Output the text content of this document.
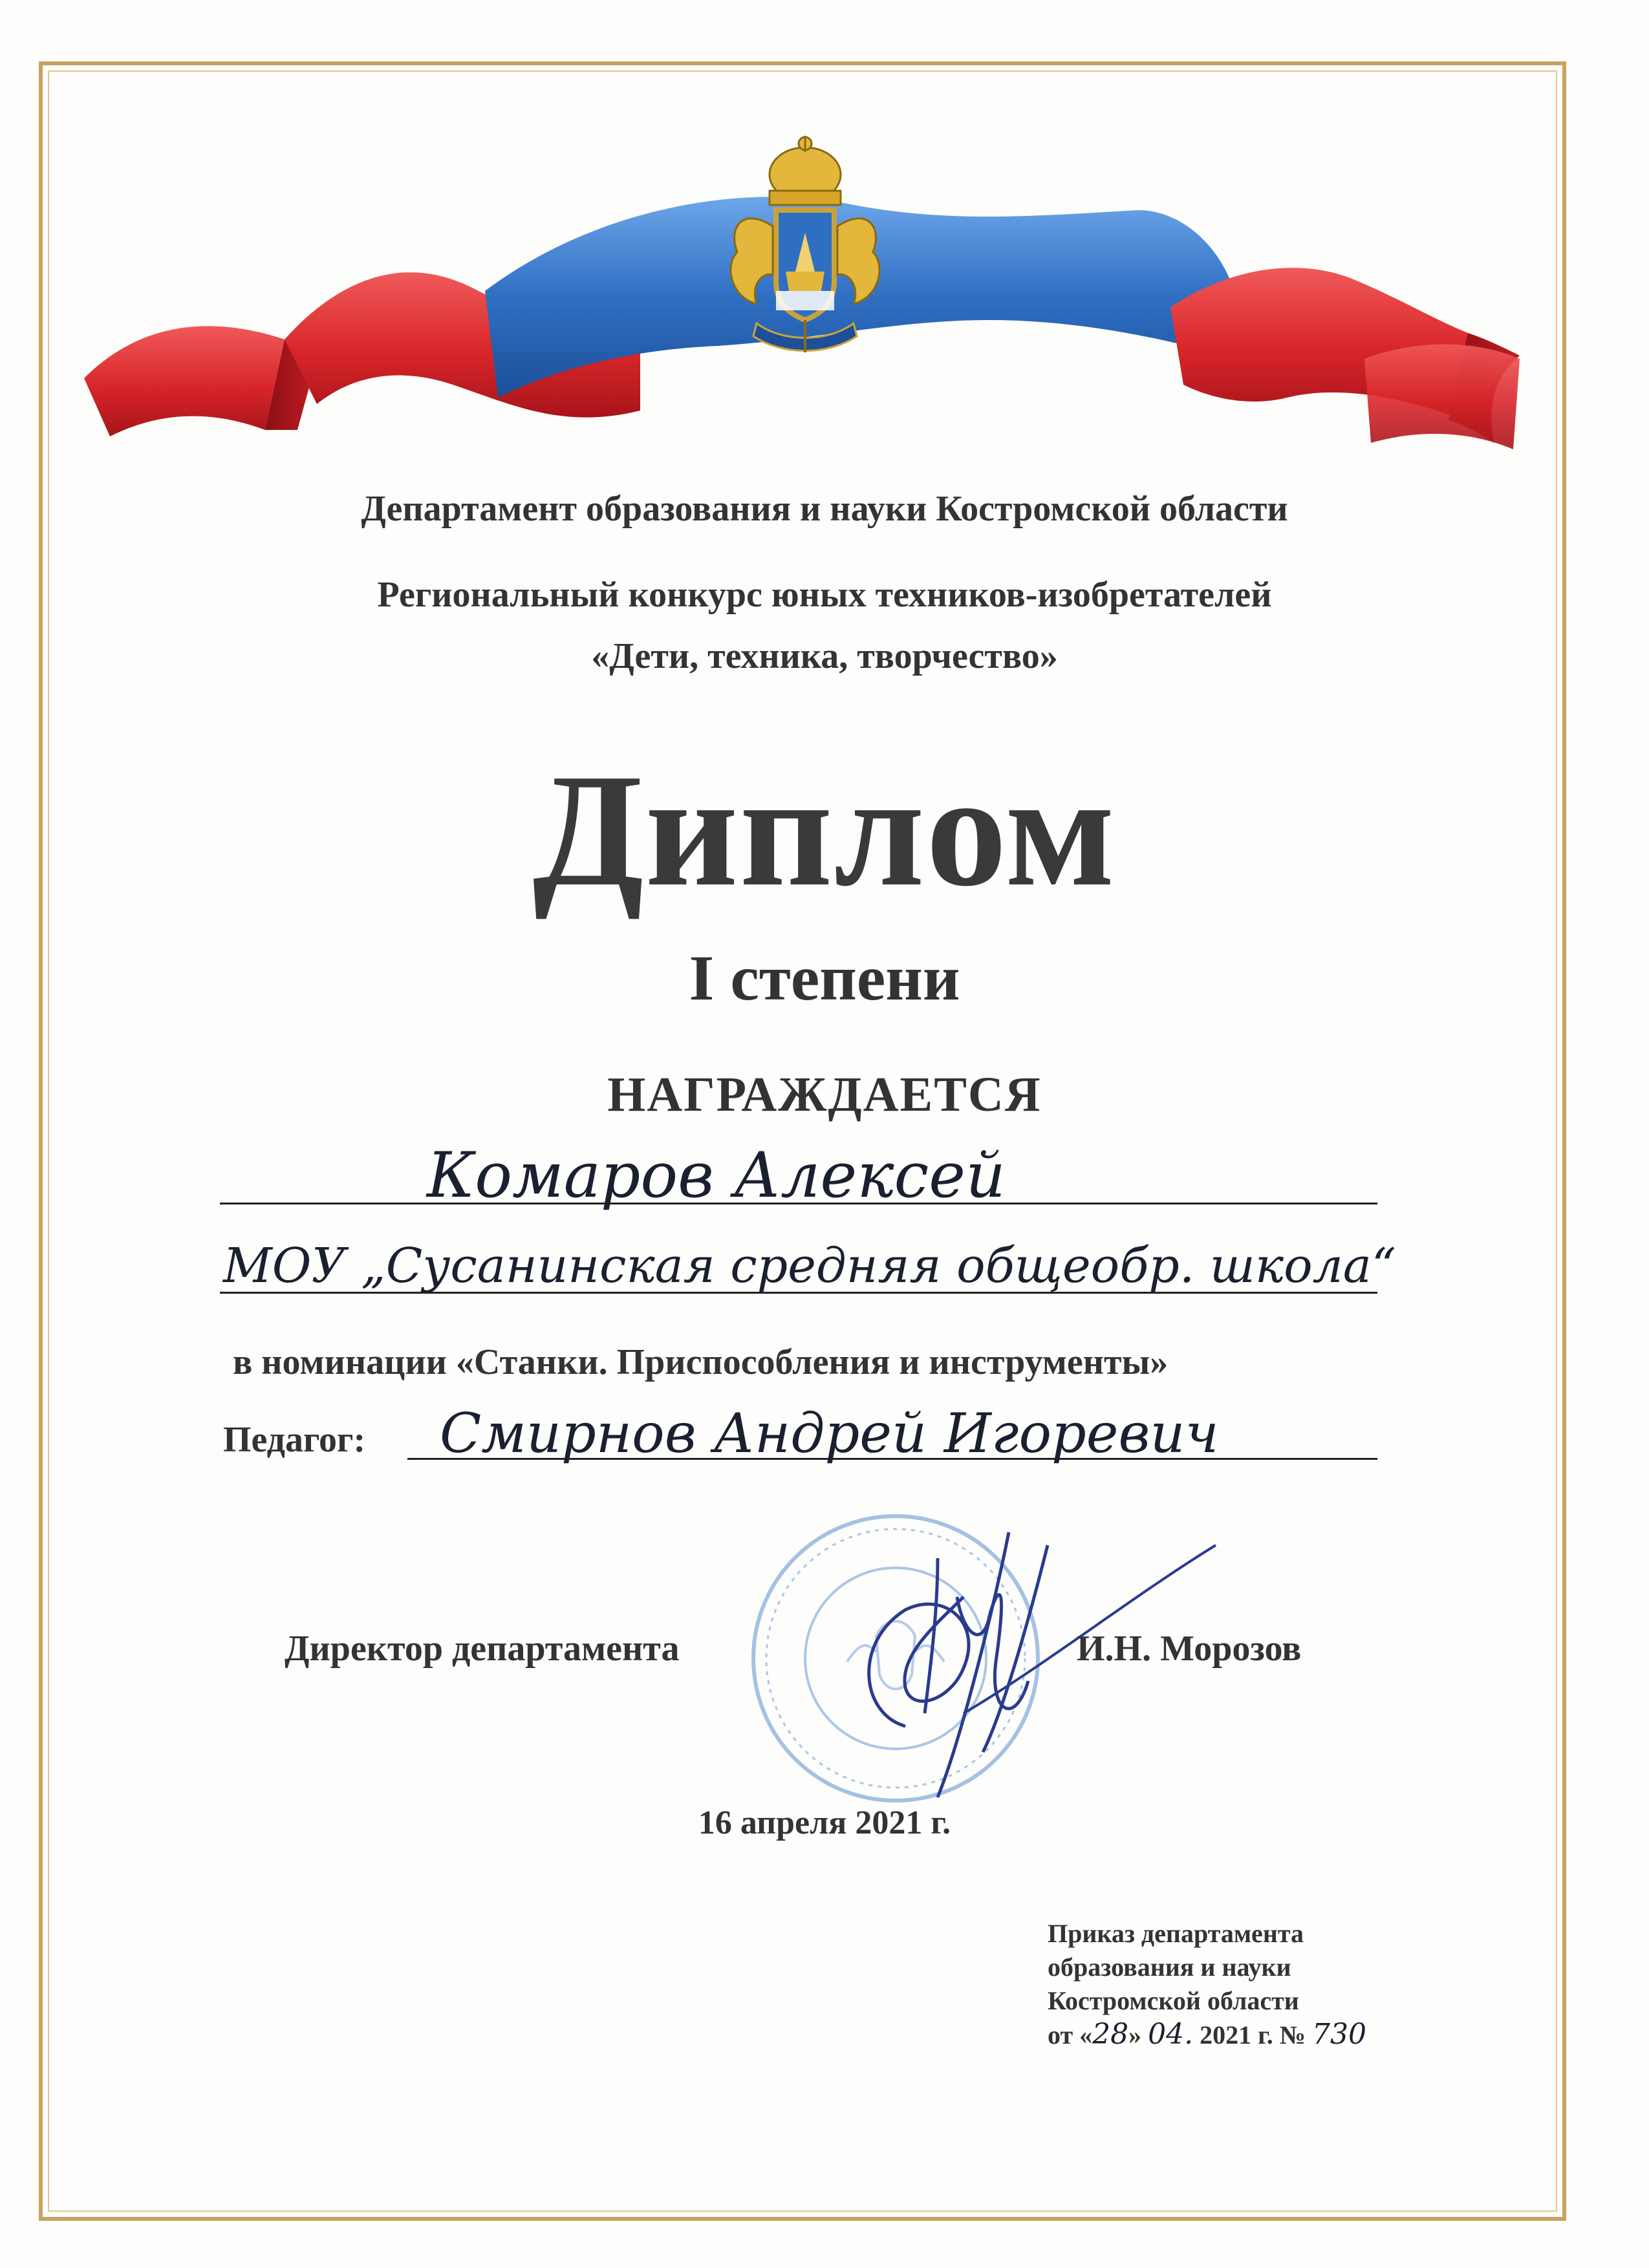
Департамент образования и науки Костромской области
Региональный конкурс юных техников-изобретателей
«Дети, техника, творчество»
Диплом
I степени
НАГРАЖДАЕТСЯ
Комаров Алексей
МОУ „Сусанинская средняя общеобр. школа“
в номинации «Станки. Приспособления и инструменты»
Педагог: Смирнов Андрей Игоревич
Директор департамента	И.Н. Морозов
16 апреля 2021 г.
Приказ департамента
образования и науки
Костромской области
от «28» 04. 2021 г. № 730
